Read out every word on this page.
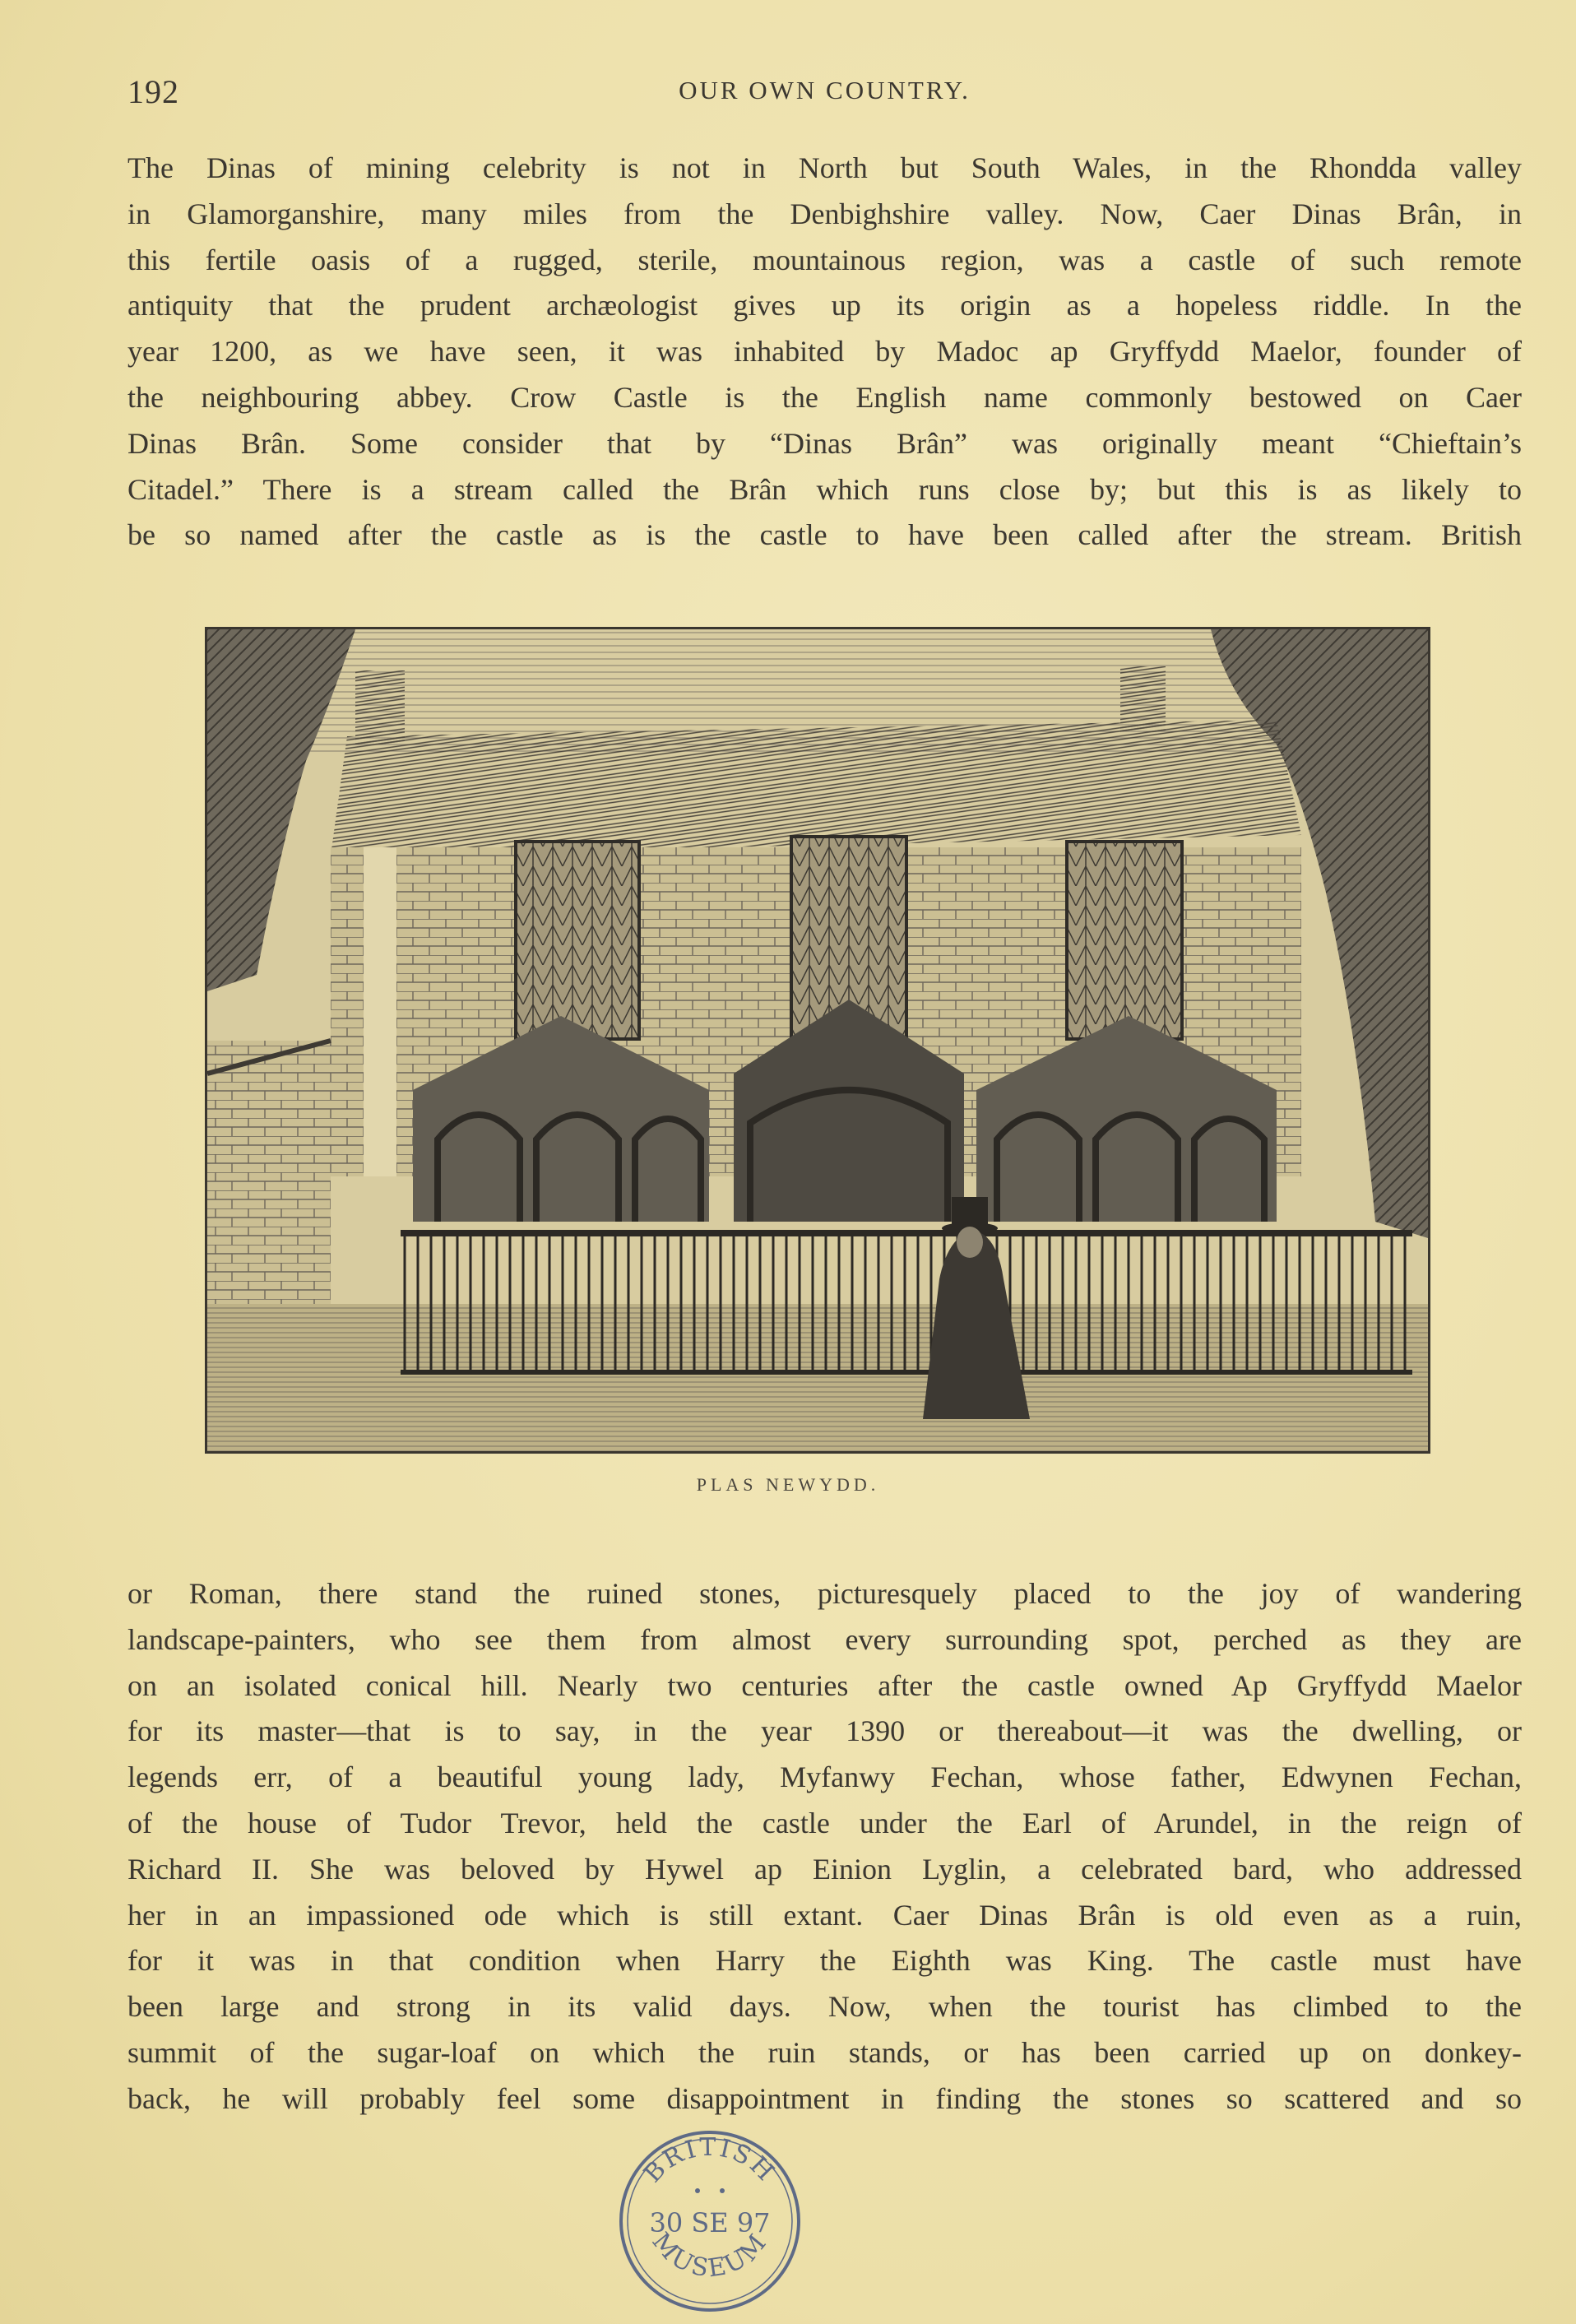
192	OUR OWN COUNTRY.
The Dinas of mining celebrity is not in North but South Wales, in the Rhondda valley
in Glamorganshire, many miles from the Denbighshire valley. Now, Caer Dinas Brân, in
this fertile oasis of a rugged, sterile, mountainous region, was a castle of such remote
antiquity that the prudent archæologist gives up its origin as a hopeless riddle. In the
year 1200, as we have seen, it was inhabited by Madoc ap Gryffydd Maelor, founder of
the neighbouring abbey. Crow Castle is the English name commonly bestowed on Caer
Dinas Brân. Some consider that by “Dinas Brân” was originally meant “Chieftain’s
Citadel.” There is a stream called the Brân which runs close by; but this is as likely to
be so named after the castle as is the castle to have been called after the stream. British
PLAS NEWYDD.
or Roman, there stand the ruined stones, picturesquely placed to the joy of wandering
landscape-painters, who see them from almost every surrounding spot, perched as they are
on an isolated conical hill. Nearly two centuries after the castle owned Ap Gryffydd Maelor
for its master—that is to say, in the year 1390 or thereabout—it was the dwelling, or
legends err, of a beautiful young lady, Myfanwy Fechan, whose father, Edwynen Fechan,
of the house of Tudor Trevor, held the castle under the Earl of Arundel, in the reign of
Richard II. She was beloved by Hywel ap Einion Lyglin, a celebrated bard, who addressed
her in an impassioned ode which is still extant. Caer Dinas Brân is old even as a ruin,
for it was in that condition when Harry the Eighth was King. The castle must have
been large and strong in its valid days. Now, when the tourist has climbed to the
summit of the sugar-loaf on which the ruin stands, or has been carried up on donkey-
back, he will probably feel some disappointment in finding the stones so scattered and so
BRITISH
30 SE 97
MUSEUM
